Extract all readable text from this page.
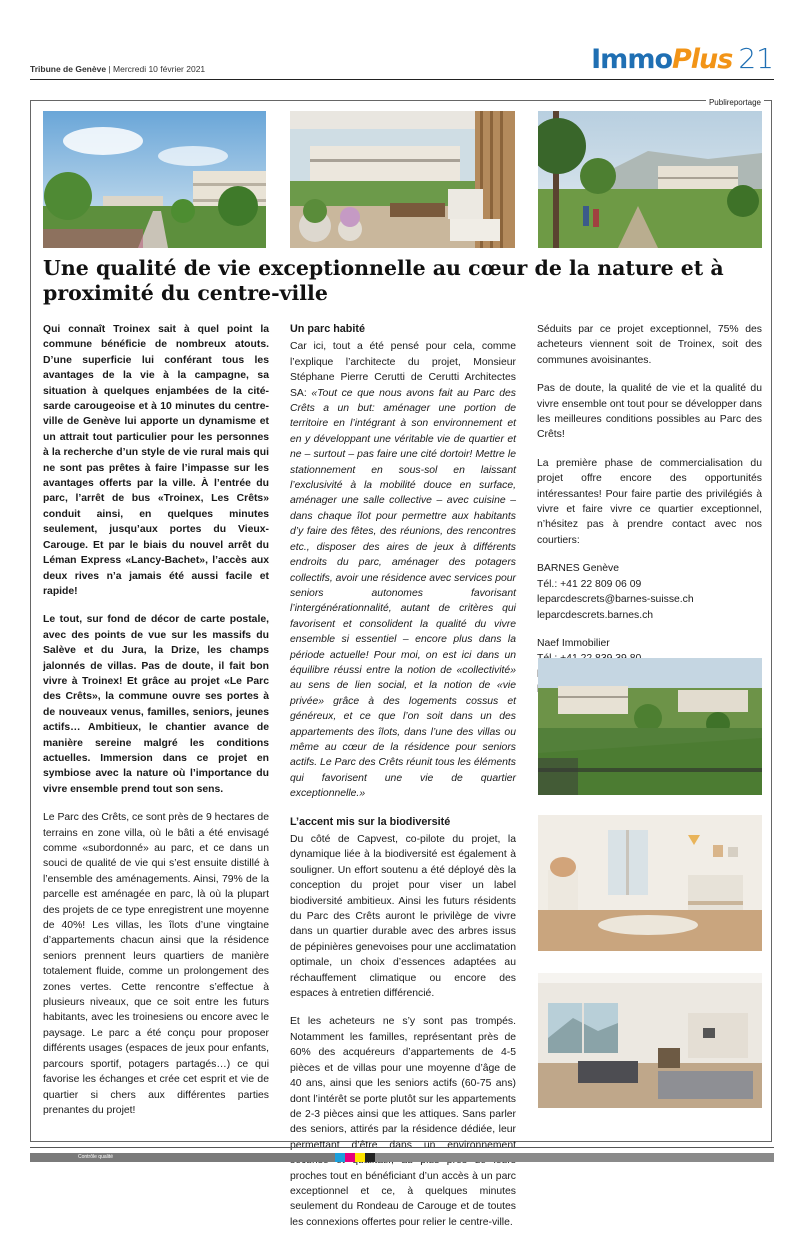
Tribune de Genève | Mercredi 10 février 2021	ImmoPlus 21
Publireportage
Une qualité de vie exceptionnelle au cœur de la nature et à proximité du centre-ville

Qui connaît Troinex sait à quel point la commune bénéficie de nombreux atouts. D’une superficie lui conférant tous les avantages de la vie à la campagne, sa situation à quelques enjambées de la cité-sarde carougeoise et à 10 minutes du centre-ville de Genève lui apporte un dynamisme et un attrait tout particulier pour les personnes à la recherche d’un style de vie rural mais qui ne sont pas prêtes à faire l’impasse sur les avantages offerts par la ville. À l’entrée du parc, l’arrêt de bus «Troinex, Les Crêts» conduit ainsi, en quelques minutes seulement, jusqu’aux portes du Vieux-Carouge. Et par le biais du nouvel arrêt du Léman Express «Lancy-Bachet», l’accès aux deux rives n’a jamais été aussi facile et rapide!

Le tout, sur fond de décor de carte postale, avec des points de vue sur les massifs du Salève et du Jura, la Drize, les champs jalonnés de villas. Pas de doute, il fait bon vivre à Troinex! Et grâce au projet «Le Parc des Crêts», la commune ouvre ses portes à de nouveaux venus, familles, seniors, jeunes actifs… Ambitieux, le chantier avance de manière sereine malgré les conditions actuelles. Immersion dans ce projet en symbiose avec la nature où l’importance du vivre ensemble prend tout son sens.

Le Parc des Crêts, ce sont près de 9 hectares de terrains en zone villa, où le bâti a été envisagé comme «subordonné» au parc, et ce dans un souci de qualité de vie qui s’est ensuite distillé à l’ensemble des aménagements. Ainsi, 79% de la parcelle est aménagée en parc, là où la plupart des projets de ce type enregistrent une moyenne de 40%! Les villas, les îlots d’une vingtaine d’appartements chacun ainsi que la résidence seniors prennent leurs quartiers de manière totalement fluide, comme un prolongement des zones vertes. Cette rencontre s’effectue à plusieurs niveaux, que ce soit entre les futurs habitants, avec les troinesiens ou encore avec le paysage. Le parc a été conçu pour proposer différents usages (espaces de jeux pour enfants, parcours sportif, potagers partagés…) ce qui favorise les échanges et crée cet esprit et vie de quartier si chers aux différentes parties prenantes du projet!

Un parc habité

Car ici, tout a été pensé pour cela, comme l’explique l’architecte du projet, Monsieur Stéphane Pierre Cerutti de Cerutti Architectes SA: «Tout ce que nous avons fait au Parc des Crêts a un but: aménager une portion de territoire en l’intégrant à son environnement et en y développant une véritable vie de quartier et ne – surtout – pas faire une cité dortoir! Mettre le stationnement en sous-sol en laissant l’exclusivité à la mobilité douce en surface, aménager une salle collective – avec cuisine – dans chaque îlot pour permettre aux habitants d’y faire des fêtes, des réunions, des rencontres etc., disposer des aires de jeux à différents endroits du parc, aménager des potagers collectifs, avoir une résidence avec services pour seniors autonomes favorisant l’intergénérationnalité, autant de critères qui favorisent et consolident la qualité du vivre ensemble si essentiel – encore plus dans la période actuelle! Pour moi, on est ici dans un équilibre réussi entre la notion de «collectivité» au sens de lien social, et la notion de «vie privée» grâce à des logements cossus et généreux, et ce que l’on soit dans un des appartements des îlots, dans l’une des villas ou même au cœur de la résidence pour seniors actifs. Le Parc des Crêts réunit tous les éléments qui favorisent une vie de quartier exceptionnelle.»

L’accent mis sur la biodiversité

Du côté de Capvest, co-pilote du projet, la dynamique liée à la biodiversité est également à souligner. Un effort soutenu a été déployé dès la conception du projet pour viser un label biodiversité ambitieux. Ainsi les futurs résidents du Parc des Crêts auront le privilège de vivre dans un quartier durable avec des arbres issus de pépinières genevoises pour une acclimatation optimale, un choix d’essences adaptées au réchauffement climatique ou encore des espaces à entretien différencié.

Et les acheteurs ne s’y sont pas trompés. Notamment les familles, représentant près de 60% des acquéreurs d’appartements de 4-5 pièces et de villas pour une moyenne d’âge de 40 ans, ainsi que les seniors actifs (60-75 ans) dont l’intérêt se porte plutôt sur les appartements de 2-3 pièces ainsi que les attiques. Sans parler des seniors, attirés par la résidence dédiée, leur permettant d’être dans un environnement proches tout en bénéficiant d’un accès à un parc exceptionnel et ce, à quelques minutes seulement du Rondeau de Carouge et de toutes les connexions offertes pour relier le centre-ville.

Séduits par ce projet exceptionnel, 75% des acheteurs viennent soit de Troinex, soit des communes avoisinantes.

Pas de doute, la qualité de vie et la qualité du vivre ensemble ont tout pour se développer dans les meilleures conditions possibles au Parc des Crêts!

La première phase de commercialisation du projet offre encore des opportunités intéressantes! Pour faire partie des privilégiés à vivre et faire vivre ce quartier exceptionnel, n’hésitez pas à prendre contact avec nos courtiers:

BARNES Genève
Tél.: +41 22 809 06 09
leparcdescrets@barnes-suisse.ch
leparcdescrets.barnes.ch

Naef Immobilier

Contrôle qualité
